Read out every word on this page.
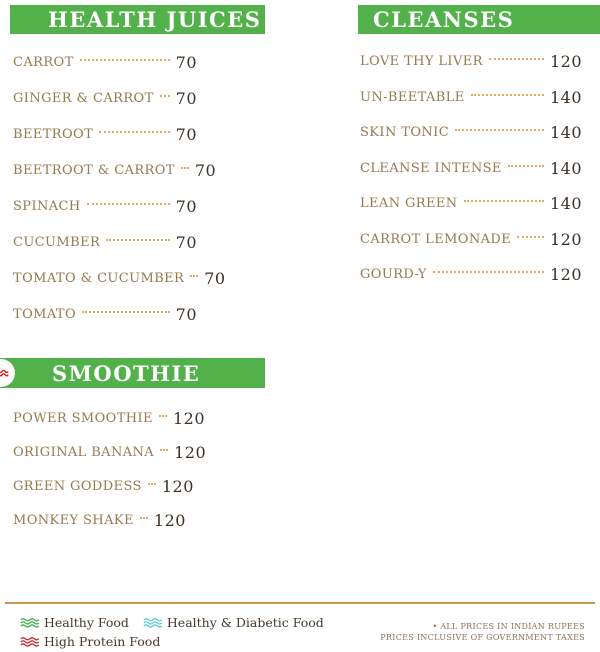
HEALTH JUICES
CARROT	70
GINGER & CARROT 70
BEETROOT	70
BEETROOT & CARROT 70
SPINACH	70
CUCUMBER	70
TOMATO & CUCUMBER 70
TOMATO	70
CLEANSES
LOVE THY LIVER	120
UN-BEETABLE	140
SKIN TONIC	140
CLEANSE INTENSE	140
LEAN GREEN	140
CARROT LEMONADE 120
GOURD-Y	120
SMOOTHIE
POWER SMOOTHIE 120
ORIGINAL BANANA 120
GREEN GODDESS 120
MONKEY SHAKE 120
Healthy Food	Healthy & Diabetic Food
High Protein Food
• ALL PRICES IN INDIAN RUPEES
PRICES INCLUSIVE OF GOVERNMENT TAXES
